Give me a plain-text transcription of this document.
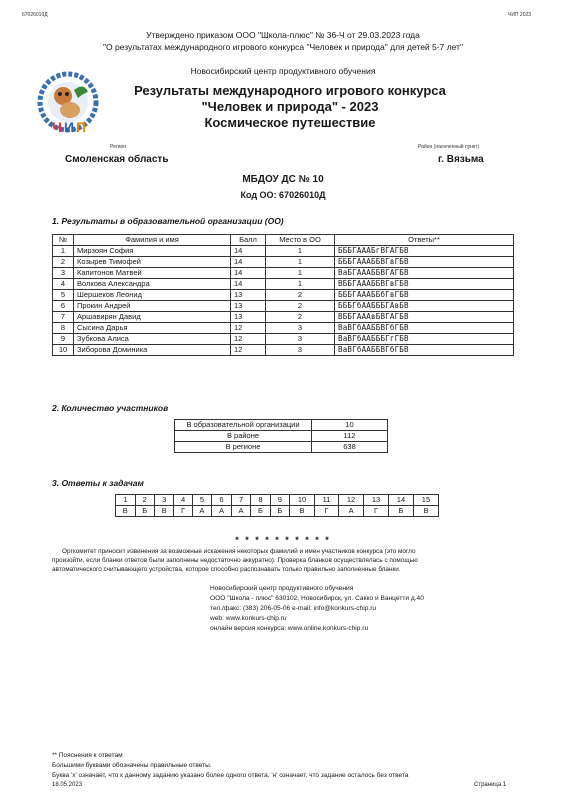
67026010Д	ЧИП 2023
Утверждено приказом ООО "Школа-плюс" № 36-Ч от 29.03.2023 года
"О результатах международного игрового конкурса "Человек и природа" для детей 5-7 лет"
Новосибирский центр продуктивного обучения
Ч И П
Результаты международного игрового конкурса
"Человек и природа" - 2023
Космическое путешествие
Регион
Смоленская область
Район (населенный пункт)
г. Вязьма
МБДОУ ДС № 10
Код ОО: 67026010Д
1. Результаты в образовательной организации (ОО)
№	Фамилия и имя	Балл	Место в ОО	Ответы**
1	Мирзоян София	14	1	БББГАААБгВГАГБВ
2	Козырев Тимофей	14	1	БББГАААББВГвГБВ
3	Капитонов Матвей	14	1	ВаБГАААББВГАГБВ
4	Волкова Александра	14	1	ВББГАААББВГвГБВ
5	Шершеков Леонид	13	2	БББГАААББбГвГБВ
6	Прокин Андрей	13	2	БББГбААБББГАвБВ
7	Аршавирян Давид	13	2	ВББГАААвБВГАГБВ
8	Сысина Дарья	12	3	ВаВГбААББВГбГБВ
9	Зубкова Алиса	12	3	ВаВГбААБББГгГБВ
10	Зиборова Доминика	12	3	ВаВГбААББВГбГБВ
2. Количество участников
В образовательной организации	10
В районе	112
В регионе	638
3. Ответы к задачам
1	2	3	4	5	6	7	8	9	10	11	12	13	14	15
В	Б	В	Г	А	А	А	Б	Б	В	Г	А	Г	Б	В
* * * * * * * * * *
Оргкомитет приносит извинения за возможные искажения некоторых фамилий и имен участников конкурса (это могло
произойти, если бланки ответов были заполнены недостаточно аккуратно). Проверка бланков осуществлялась с помощью
автоматического считывающего устройства, которое способно распознавать только правильно заполненные бланки.
Новосибирский центр продуктивного обучения
ООО "Школа - плюс" 630102, Новосибирск, ул. Сакко и Ванцетти д.40
тел./факс: (383) 206-05-06 e-mail: info@konkurs-chip.ru
web: www.konkurs-chip.ru
онлайн версия конкурса: www.online.konkurs-chip.ru
** Пояснения к ответам
Большими буквами обозначены правильные ответы.
Буква 'х' означает, что к данному заданию указано более одного ответа, 'н' означает, что задание осталось без ответа
18.05.2023	Страница 1
